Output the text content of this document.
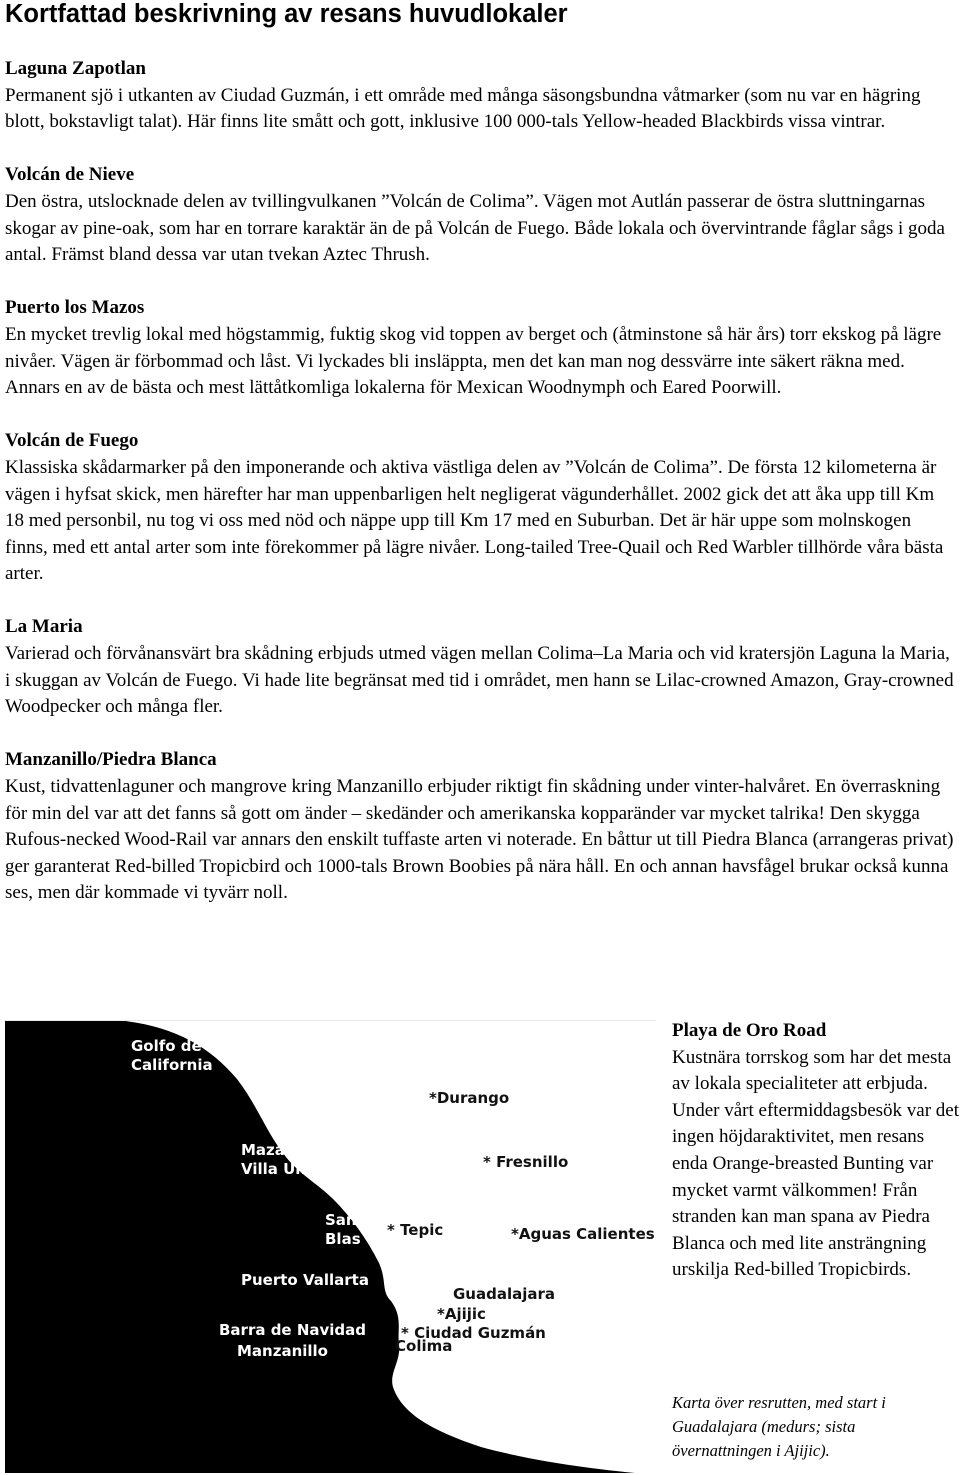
Kortfattad beskrivning av resans huvudlokaler
Laguna Zapotlan

Permanent sjö i utkanten av Ciudad Guzmán, i ett område med många säsongsbundna våtmarker (som nu var en hägring blott, bokstavligt talat). Här finns lite smått och gott, inklusive 100 000-tals Yellow-headed Blackbirds vissa vintrar.

Volcán de Nieve

Den östra, utslocknade delen av tvillingvulkanen ”Volcán de Colima”. Vägen mot Autlán passerar de östra sluttningarnas skogar av pine-oak, som har en torrare karaktär än de på Volcán de Fuego. Både lokala och övervintrande fåglar sågs i goda antal. Främst bland dessa var utan tvekan Aztec Thrush.

Puerto los Mazos

En mycket trevlig lokal med högstammig, fuktig skog vid toppen av berget och (åtminstone så här års) torr ekskog på lägre nivåer. Vägen är förbommad och låst. Vi lyckades bli insläppta, men det kan man nog dessvärre inte säkert räkna med. Annars en av de bästa och mest lättåtkomliga lokalerna för Mexican Woodnymph och Eared Poorwill.

Volcán de Fuego

Klassiska skådarmarker på den imponerande och aktiva västliga delen av ”Volcán de Colima”. De första 12 kilometerna är vägen i hyfsat skick, men härefter har man uppenbarligen helt negligerat vägunderhållet. 2002 gick det att åka upp till Km 18 med personbil, nu tog vi oss med nöd och näppe upp till Km 17 med en Suburban. Det är här uppe som molnskogen finns, med ett antal arter som inte förekommer på lägre nivåer. Long-tailed Tree-Quail och Red Warbler tillhörde våra bästa arter.

La Maria

Varierad och förvånansvärt bra skådning erbjuds utmed vägen mellan Colima–La Maria och vid kratersjön Laguna la Maria, i skuggan av Volcán de Fuego. Vi hade lite begränsat med tid i området, men hann se Lilac-crowned Amazon, Gray-crowned Woodpecker och många fler.

Manzanillo/Piedra Blanca

Kust, tidvattenlaguner och mangrove kring Manzanillo erbjuder riktigt fin skådning under vinter-halvåret. En överraskning för min del var att det fanns så gott om änder – skedänder och amerikanska kopparänder var mycket talrika! Den skygga Rufous-necked Wood-Rail var annars den enskilt tuffaste arten vi noterade. En båttur ut till Piedra Blanca (arrangeras privat) ger garanterat Red-billed Tropicbird och 1000-tals Brown Boobies på nära håll. En och annan havsfågel brukar också kunna ses, men där kommade vi tyvärr noll.

Golfo de
California
Mazatlan
Villa Union
San
Blas
Puerto Vallarta
Barra de Navidad
Manzanillo
*Durango
* Fresnillo
* Tepic	*Aguas Calientes
Guadalajara
*Ajijic
* Ciudad Guzmán
Colima
Playa de Oro Road

Kustnära torrskog som har det mesta av lokala specialiteter att erbjuda. Under vårt eftermiddagsbesök var det ingen höjdaraktivitet, men resans enda Orange-breasted Bunting var mycket varmt välkommen! Från stranden kan man spana av Piedra Blanca och med lite ansträngning urskilja Red-billed Tropicbirds.

Karta över resrutten, med start i Guadalajara (medurs; sista övernattningen i Ajijic).
